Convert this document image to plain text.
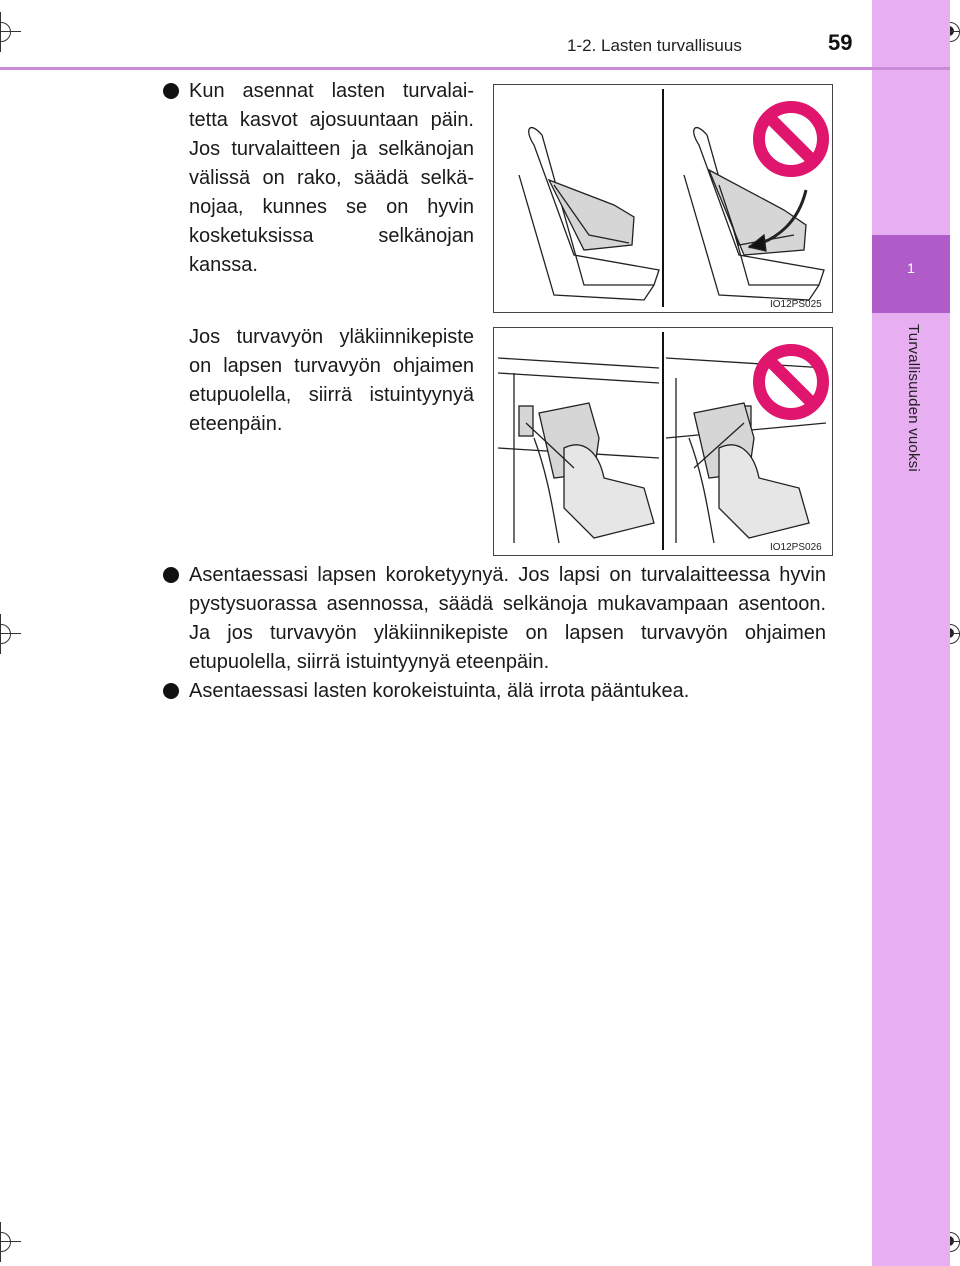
1
Turvallisuuden vuoksi
1-2. Lasten turvallisuus	59
Kun asennat lasten turvalai-tetta kasvot ajosuuntaan päin. Jos turvalaitteen ja selkänojan välissä on rako, säädä selkä-nojaa, kunnes se on hyvin kosketuksissa selkänojan kanssa.
Jos turvavyön yläkiinnikepiste on lapsen turvavyön ohjaimen etupuolella, siirrä istuintyynyä eteenpäin.
IO12PS025
IO12PS026
Asentaessasi lapsen koroketyynyä. Jos lapsi on turvalaitteessa hyvin pystysuorassa asennossa, säädä selkänoja mukavampaan asentoon. Ja jos turvavyön yläkiinnikepiste on lapsen turvavyön ohjaimen etupuolella, siirrä istuintyynyä eteenpäin.
Asentaessasi lasten korokeistuinta, älä irrota pääntukea.
